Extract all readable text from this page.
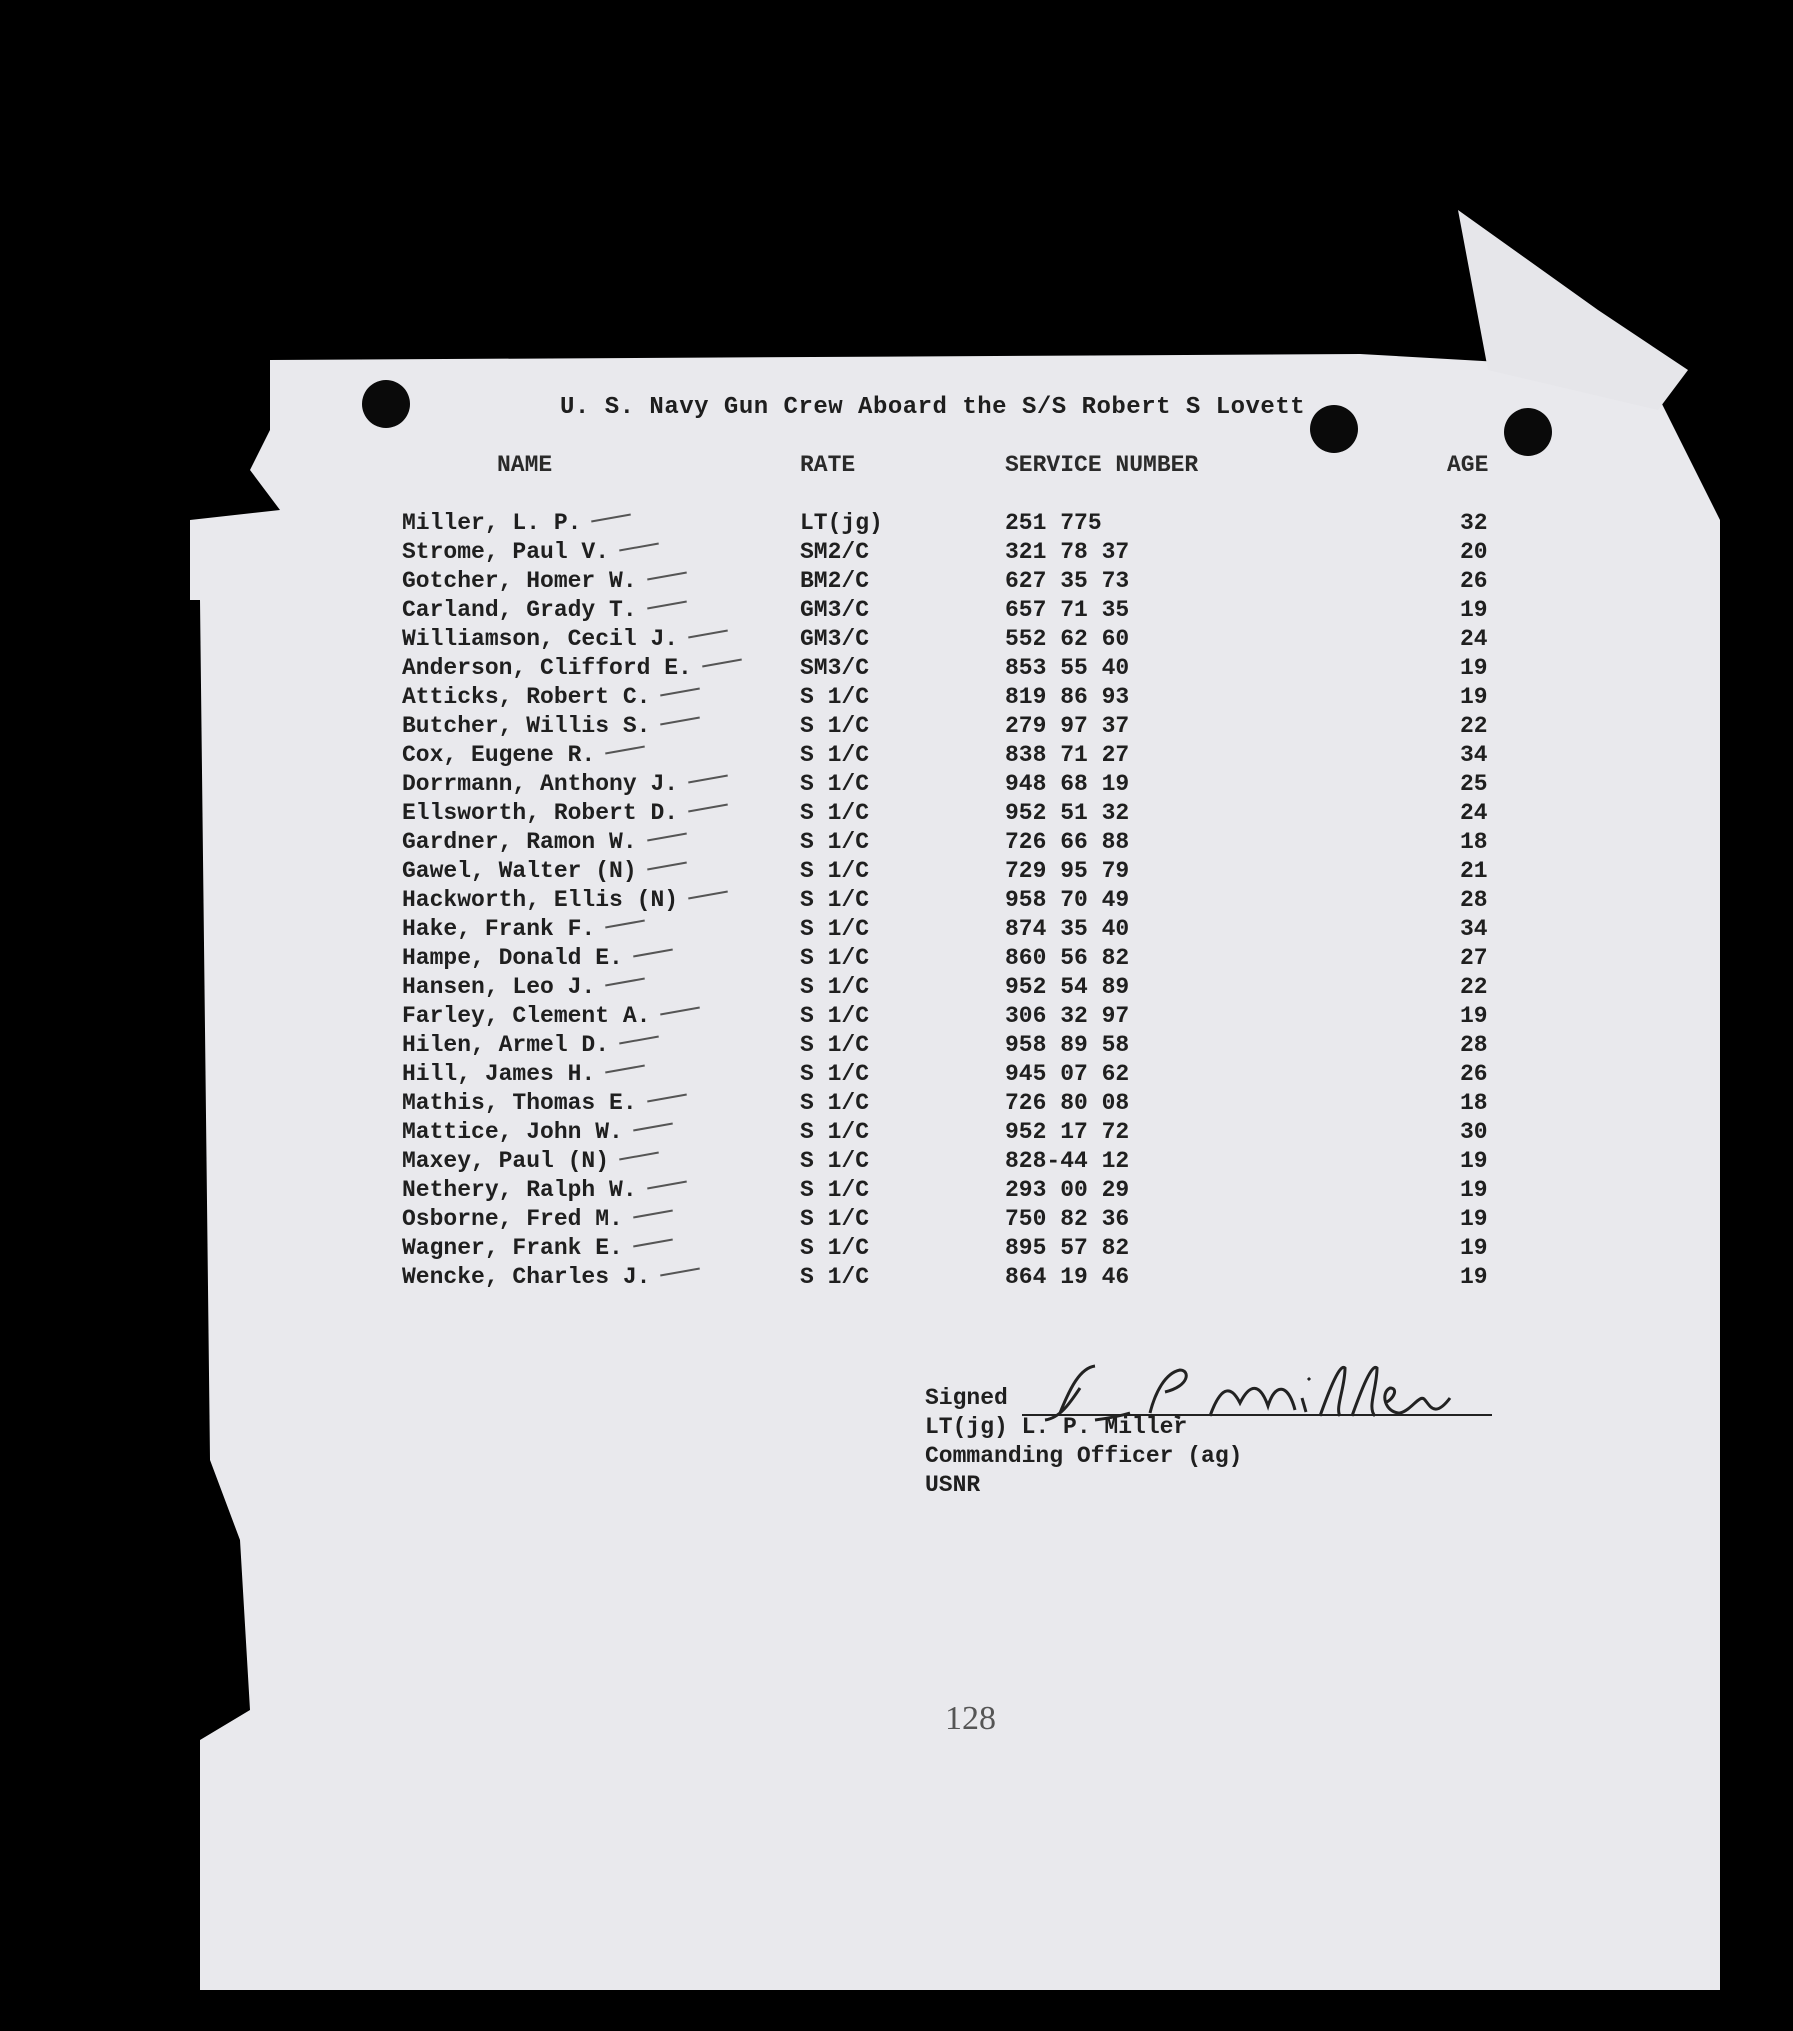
U. S. Navy Gun Crew Aboard the S/S Robert S Lovett
NAME	RATE	SERVICE NUMBER	AGE
Miller, L. P.	LT(jg)	251 775	32
Strome, Paul V.	SM2/C	321 78 37	20
Gotcher, Homer W.	BM2/C	627 35 73	26
Carland, Grady T.	GM3/C	657 71 35	19
Williamson, Cecil J.	GM3/C	552 62 60	24
Anderson, Clifford E.	SM3/C	853 55 40	19
Atticks, Robert C.	S 1/C	819 86 93	19
Butcher, Willis S.	S 1/C	279 97 37	22
Cox, Eugene R.	S 1/C	838 71 27	34
Dorrmann, Anthony J.	S 1/C	948 68 19	25
Ellsworth, Robert D.	S 1/C	952 51 32	24
Gardner, Ramon W.	S 1/C	726 66 88	18
Gawel, Walter (N)	S 1/C	729 95 79	21
Hackworth, Ellis (N)	S 1/C	958 70 49	28
Hake, Frank F.	S 1/C	874 35 40	34
Hampe, Donald E.	S 1/C	860 56 82	27
Hansen, Leo J.	S 1/C	952 54 89	22
Farley, Clement A.	S 1/C	306 32 97	19
Hilen, Armel D.	S 1/C	958 89 58	28
Hill, James H.	S 1/C	945 07 62	26
Mathis, Thomas E.	S 1/C	726 80 08	18
Mattice, John W.	S 1/C	952 17 72	30
Maxey, Paul (N)	S 1/C	828-44 12	19
Nethery, Ralph W.	S 1/C	293 00 29	19
Osborne, Fred M.	S 1/C	750 82 36	19
Wagner, Frank E.	S 1/C	895 57 82	19
Wencke, Charles J.	S 1/C	864 19 46	19
Signed
LT(jg) L. P. Miller
Commanding Officer (ag)
USNR
128
